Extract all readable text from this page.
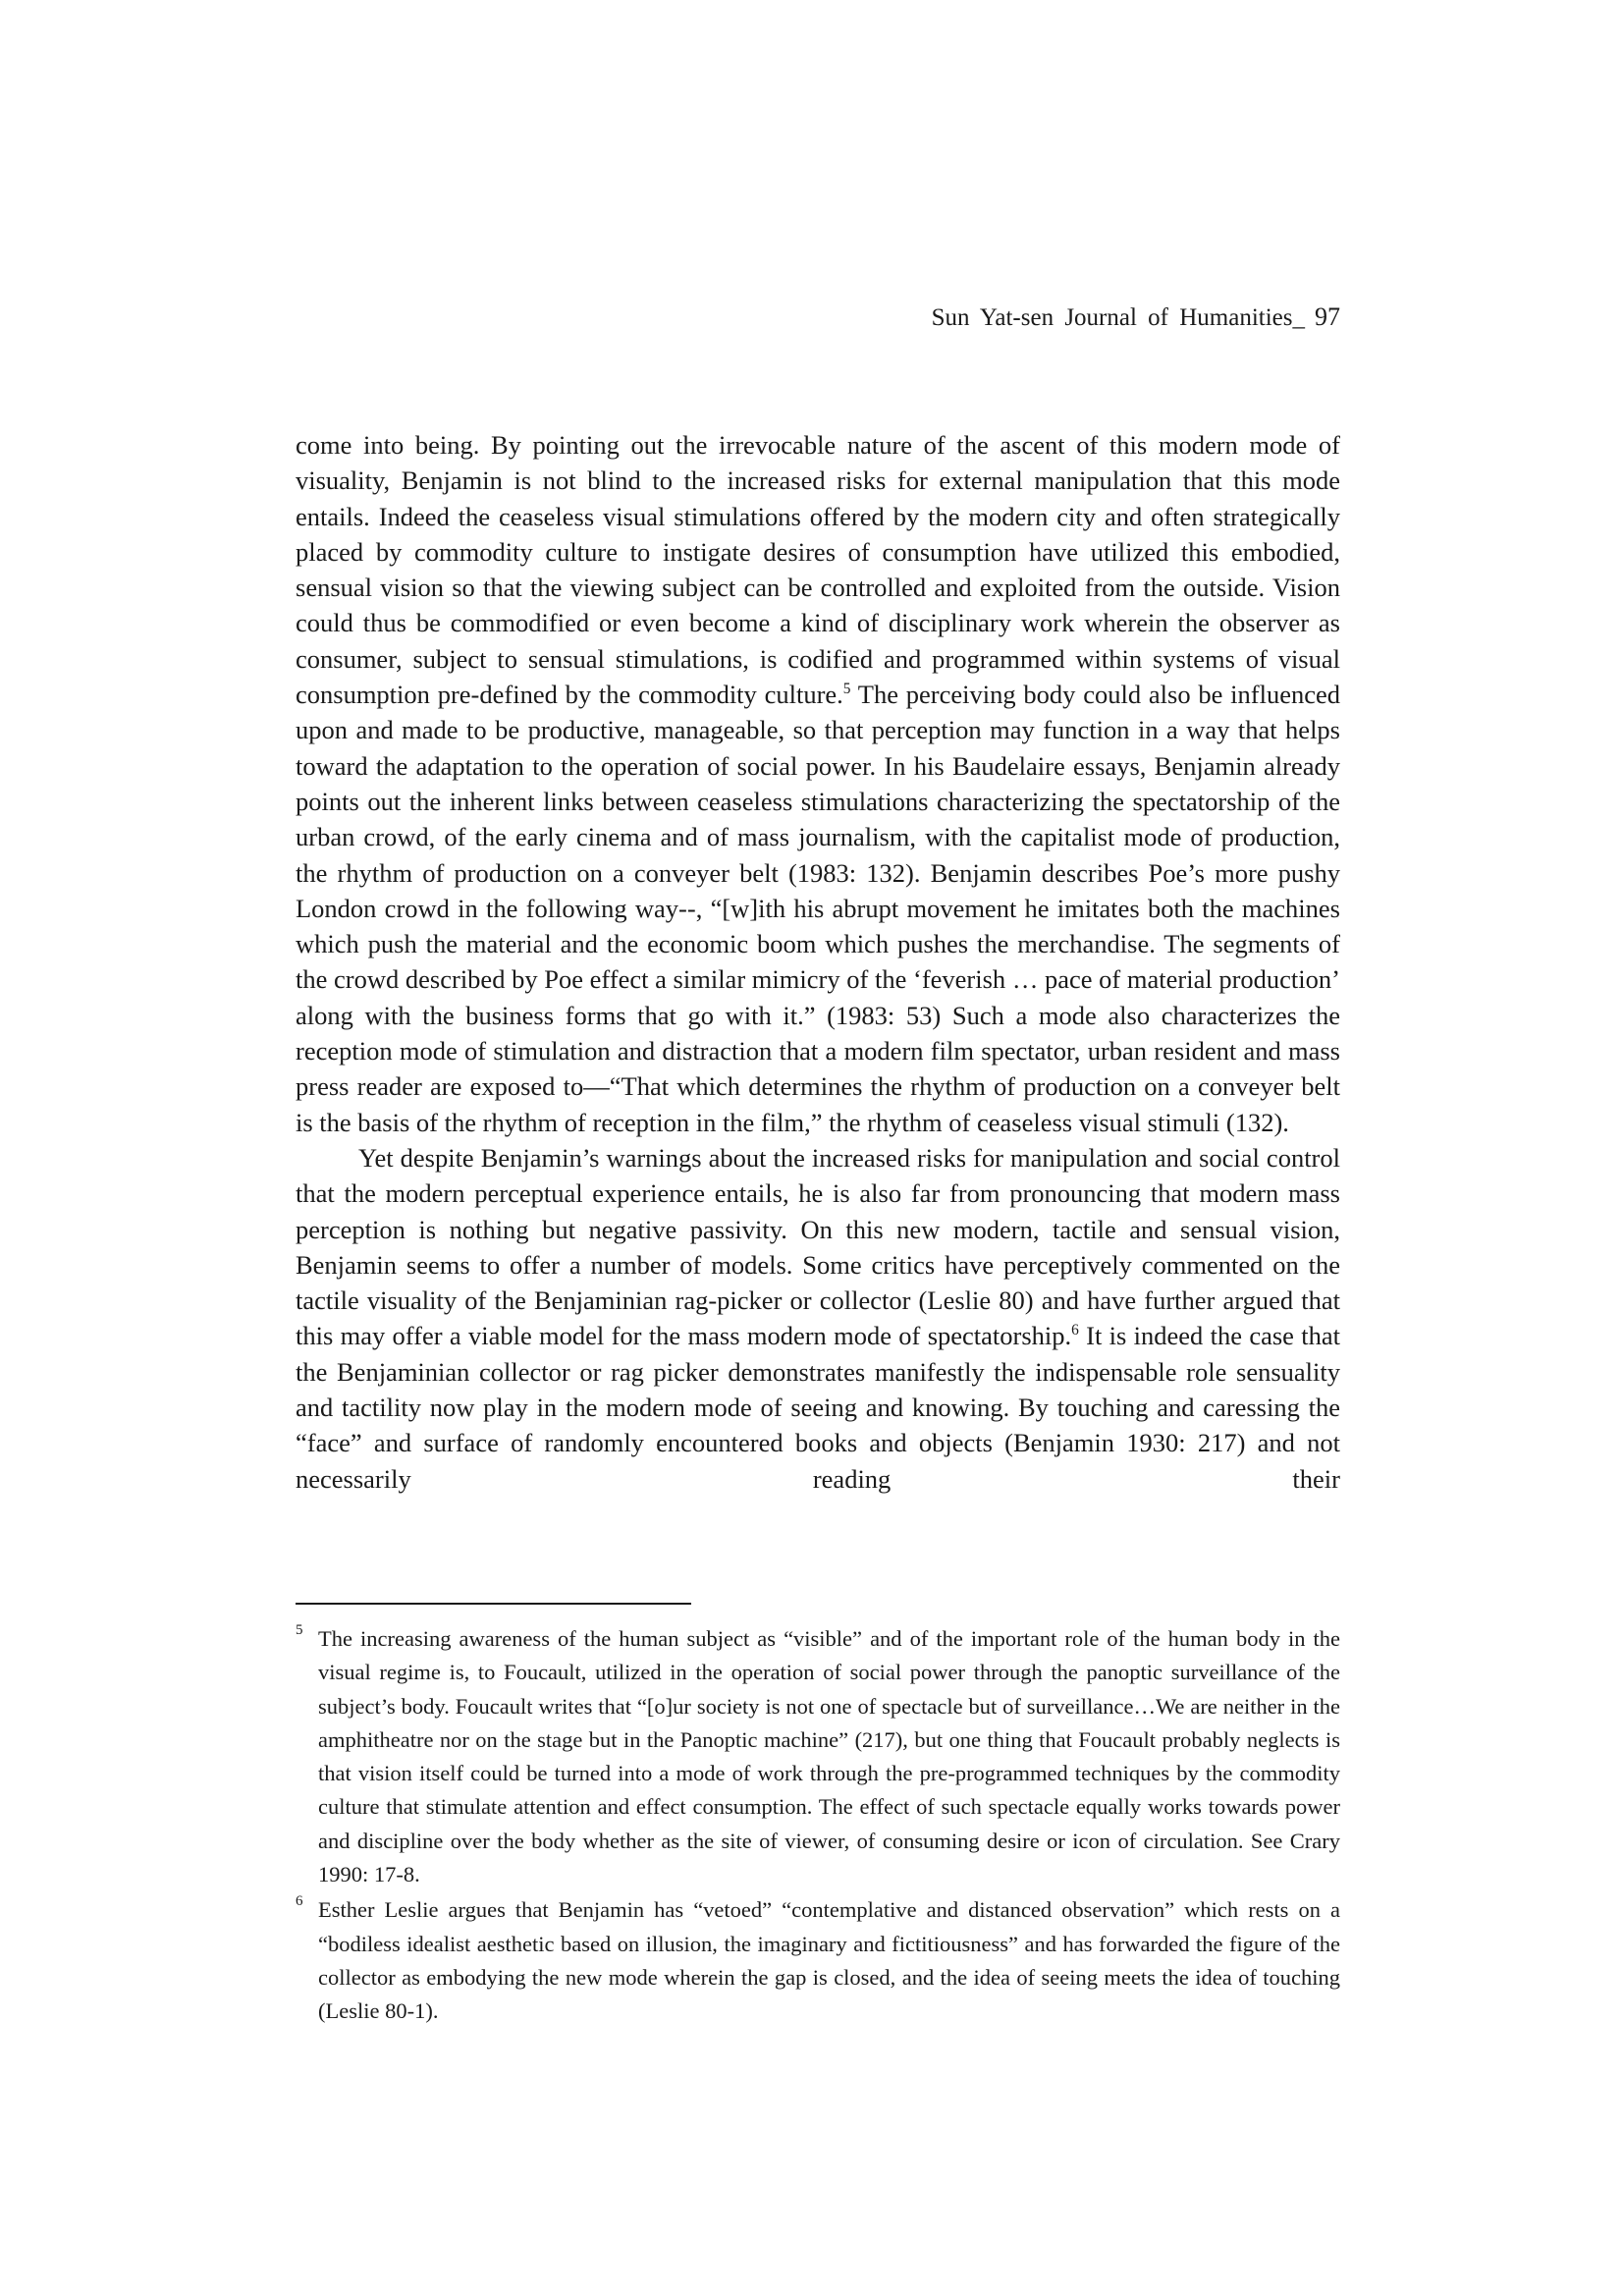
Sun Yat-sen Journal of Humanities_ 97

come into being. By pointing out the irrevocable nature of the ascent of this modern mode of visuality, Benjamin is not blind to the increased risks for external manipulation that this mode entails. Indeed the ceaseless visual stimulations offered by the modern city and often strategically placed by commodity culture to instigate desires of consumption have utilized this embodied, sensual vision so that the viewing subject can be controlled and exploited from the outside. Vision could thus be commodified or even become a kind of disciplinary work wherein the observer as consumer, subject to sensual stimulations, is codified and programmed within systems of visual consumption pre-defined by the commodity culture.$^5$ The perceiving body could also be influenced upon and made to be productive, manageable, so that perception may function in a way that helps toward the adaptation to the operation of social power. In his Baudelaire essays, Benjamin already points out the inherent links between ceaseless stimulations characterizing the spectatorship of the urban crowd, of the early cinema and of mass journalism, with the capitalist mode of production, the rhythm of production on a conveyer belt (1983: 132). Benjamin describes Poe’s more pushy London crowd in the following way--, “[w]ith his abrupt movement he imitates both the machines which push the material and the economic boom which pushes the merchandise. The segments of the crowd described by Poe effect a similar mimicry of the ‘feverish … pace of material production’ along with the business forms that go with it.” (1983: 53) Such a mode also characterizes the reception mode of stimulation and distraction that a modern film spectator, urban resident and mass press reader are exposed to—“That which determines the rhythm of production on a conveyer belt is the basis of the rhythm of reception in the film,” the rhythm of ceaseless visual stimuli (132).

Yet despite Benjamin’s warnings about the increased risks for manipulation and social control that the modern perceptual experience entails, he is also far from pronouncing that modern mass perception is nothing but negative passivity. On this new modern, tactile and sensual vision, Benjamin seems to offer a number of models. Some critics have perceptively commented on the tactile visuality of the Benjaminian rag-picker or collector (Leslie 80) and have further argued that this may offer a viable model for the mass modern mode of spectatorship.$^6$ It is indeed the case that the Benjaminian collector or rag picker demonstrates manifestly the indispensable role sensuality and tactility now play in the modern mode of seeing and knowing. By touching and caressing the “face” and surface of randomly encountered books and objects (Benjamin 1930: 217) and not necessarily reading their

5 The increasing awareness of the human subject as “visible” and of the important role of the human body in the visual regime is, to Foucault, utilized in the operation of social power through the panoptic surveillance of the subject’s body. Foucault writes that “[o]ur society is not one of spectacle but of surveillance…We are neither in the amphitheatre nor on the stage but in the Panoptic machine” (217), but one thing that Foucault probably neglects is that vision itself could be turned into a mode of work through the pre-programmed techniques by the commodity culture that stimulate attention and effect consumption. The effect of such spectacle equally works towards power and discipline over the body whether as the site of viewer, of consuming desire or icon of circulation. See Crary 1990: 17-8.
6 Esther Leslie argues that Benjamin has “vetoed” “contemplative and distanced observation” which rests on a “bodiless idealist aesthetic based on illusion, the imaginary and fictitiousness” and has forwarded the figure of the collector as embodying the new mode wherein the gap is closed, and the idea of seeing meets the idea of touching (Leslie 80-1).
